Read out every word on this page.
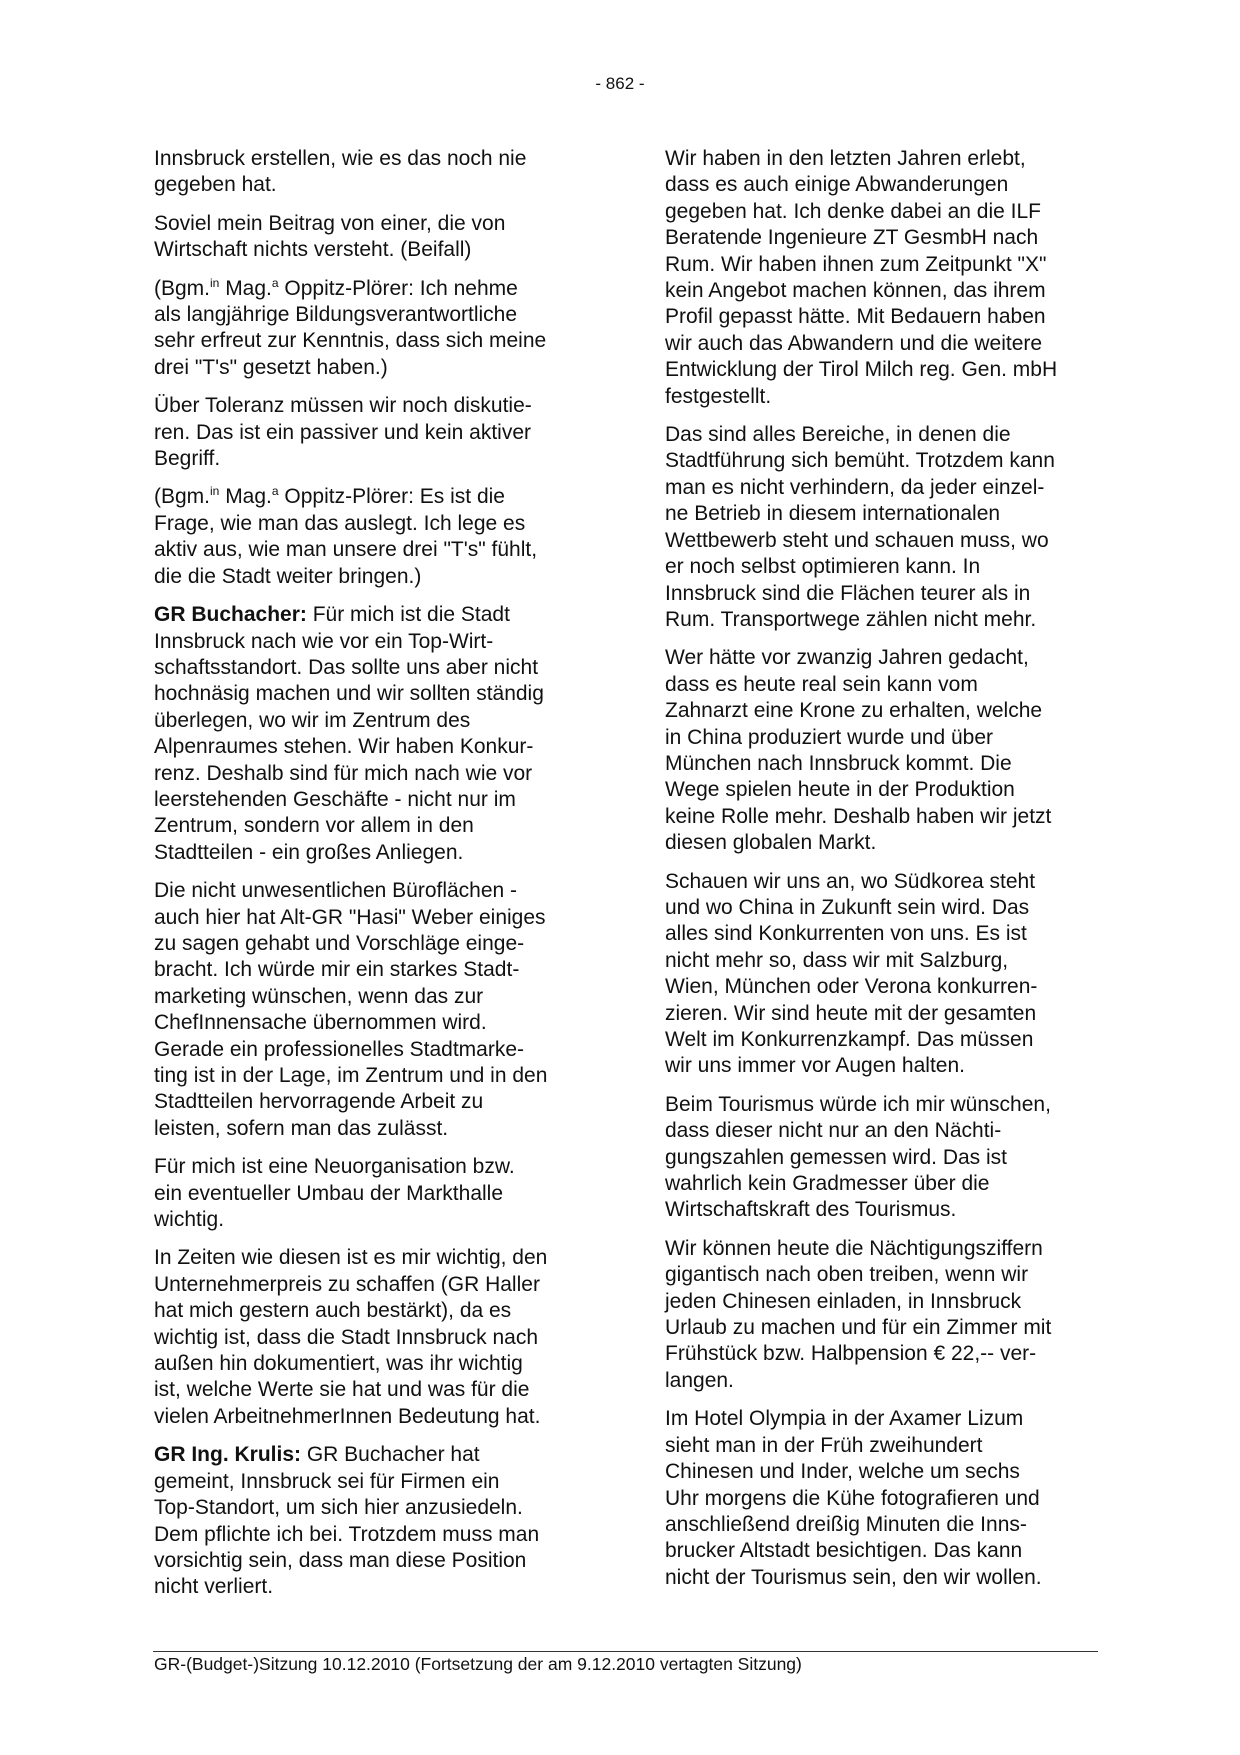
- 862 -
Innsbruck erstellen, wie es das noch nie
gegeben hat.
Soviel mein Beitrag von einer, die von
Wirtschaft nichts versteht. (Beifall)
(Bgm.$^{in}$ Mag.$^a$ Oppitz-Plörer: Ich nehme
als langjährige Bildungsverantwortliche
sehr erfreut zur Kenntnis, dass sich meine
drei "T's" gesetzt haben.)
Über Toleranz müssen wir noch diskutie-
ren. Das ist ein passiver und kein aktiver
Begriff.
(Bgm.$^{in}$ Mag.$^a$ Oppitz-Plörer: Es ist die
Frage, wie man das auslegt. Ich lege es
aktiv aus, wie man unsere drei "T's" fühlt,
die die Stadt weiter bringen.)
GR Buchacher: Für mich ist die Stadt
Innsbruck nach wie vor ein Top-Wirt-
schaftsstandort. Das sollte uns aber nicht
hochnäsig machen und wir sollten ständig
überlegen, wo wir im Zentrum des
Alpenraumes stehen. Wir haben Konkur-
renz. Deshalb sind für mich nach wie vor
leerstehenden Geschäfte - nicht nur im
Zentrum, sondern vor allem in den
Stadtteilen - ein großes Anliegen.
Die nicht unwesentlichen Büroflächen -
auch hier hat Alt-GR "Hasi" Weber einiges
zu sagen gehabt und Vorschläge einge-
bracht. Ich würde mir ein starkes Stadt-
marketing wünschen, wenn das zur
ChefInnensache übernommen wird.
Gerade ein professionelles Stadtmarke-
ting ist in der Lage, im Zentrum und in den
Stadtteilen hervorragende Arbeit zu
leisten, sofern man das zulässt.
Für mich ist eine Neuorganisation bzw.
ein eventueller Umbau der Markthalle
wichtig.
In Zeiten wie diesen ist es mir wichtig, den
Unternehmerpreis zu schaffen (GR Haller
hat mich gestern auch bestärkt), da es
wichtig ist, dass die Stadt Innsbruck nach
außen hin dokumentiert, was ihr wichtig
ist, welche Werte sie hat und was für die
vielen ArbeitnehmerInnen Bedeutung hat.
GR Ing. Krulis: GR Buchacher hat
gemeint, Innsbruck sei für Firmen ein
Top-Standort, um sich hier anzusiedeln.
Dem pflichte ich bei. Trotzdem muss man
vorsichtig sein, dass man diese Position
nicht verliert.
Wir haben in den letzten Jahren erlebt,
dass es auch einige Abwanderungen
gegeben hat. Ich denke dabei an die ILF
Beratende Ingenieure ZT GesmbH nach
Rum. Wir haben ihnen zum Zeitpunkt "X"
kein Angebot machen können, das ihrem
Profil gepasst hätte. Mit Bedauern haben
wir auch das Abwandern und die weitere
Entwicklung der Tirol Milch reg. Gen. mbH
festgestellt.
Das sind alles Bereiche, in denen die
Stadtführung sich bemüht. Trotzdem kann
man es nicht verhindern, da jeder einzel-
ne Betrieb in diesem internationalen
Wettbewerb steht und schauen muss, wo
er noch selbst optimieren kann. In
Innsbruck sind die Flächen teurer als in
Rum. Transportwege zählen nicht mehr.
Wer hätte vor zwanzig Jahren gedacht,
dass es heute real sein kann vom
Zahnarzt eine Krone zu erhalten, welche
in China produziert wurde und über
München nach Innsbruck kommt. Die
Wege spielen heute in der Produktion
keine Rolle mehr. Deshalb haben wir jetzt
diesen globalen Markt.
Schauen wir uns an, wo Südkorea steht
und wo China in Zukunft sein wird. Das
alles sind Konkurrenten von uns. Es ist
nicht mehr so, dass wir mit Salzburg,
Wien, München oder Verona konkurren-
zieren. Wir sind heute mit der gesamten
Welt im Konkurrenzkampf. Das müssen
wir uns immer vor Augen halten.
Beim Tourismus würde ich mir wünschen,
dass dieser nicht nur an den Nächti-
gungszahlen gemessen wird. Das ist
wahrlich kein Gradmesser über die
Wirtschaftskraft des Tourismus.
Wir können heute die Nächtigungsziffern
gigantisch nach oben treiben, wenn wir
jeden Chinesen einladen, in Innsbruck
Urlaub zu machen und für ein Zimmer mit
Frühstück bzw. Halbpension € 22,-- ver-
langen.
Im Hotel Olympia in der Axamer Lizum
sieht man in der Früh zweihundert
Chinesen und Inder, welche um sechs
Uhr morgens die Kühe fotografieren und
anschließend dreißig Minuten die Inns-
brucker Altstadt besichtigen. Das kann
nicht der Tourismus sein, den wir wollen.
GR-(Budget-)Sitzung 10.12.2010 (Fortsetzung der am 9.12.2010 vertagten Sitzung)
